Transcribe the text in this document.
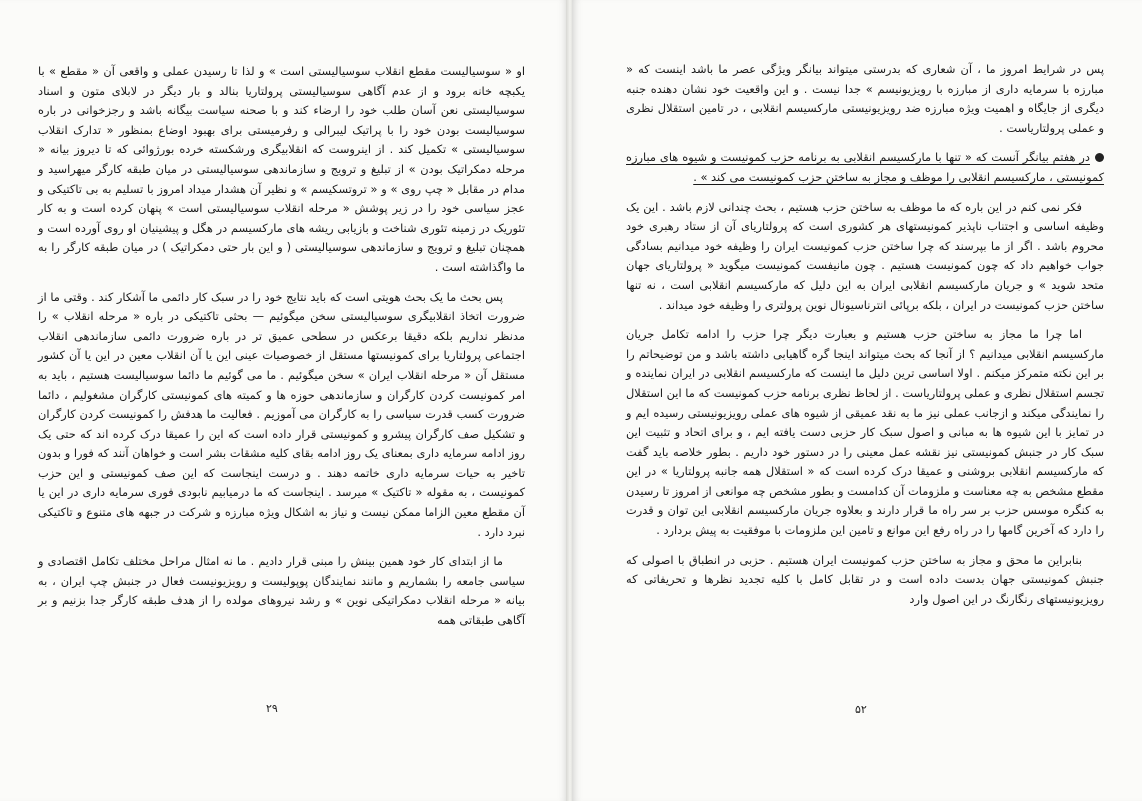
او « سوسیالیست مقطع انقلاب سوسیالیستی است » و لذا تا رسیدن عملی و واقعی آن « مقطع » با یکبچه خانه برود و از عدم آگاهی سوسیالیستی پرولتاریا بنالد و بار دیگر در لابلای متون و اسناد سوسیالیستی نعن آسان طلب خود را ارضاء کند و با صحنه سیاست بیگانه باشد و رجزخوانی در باره سوسیالیست بودن خود را با پراتیک لیبرالی و رفرمیستی برای بهبود اوضاع بمنظور « تدارک انقلاب سوسیالیستی » تکمیل کند . از اینروست که انقلابیگری ورشکسته خرده بورژوائی که تا دیروز بیانه « مرحله دمکراتیک بودن » از تبلیغ و ترویج و سازماندهی سوسیالیستی در میان طبقه کارگر میهراسید و مدام در مقابل « چپ روی » و « تروتسکیسم » و نظیر آن هشدار میداد امروز با تسلیم به بی تاکتیکی و عجز سیاسی خود را در زیر پوشش « مرحله انقلاب سوسیالیستی است » پنهان کرده است و به کار تئوریک در زمینه تئوری شناخت و بازیابی ریشه های مارکسیسم در هگل و پیشینیان او روی آورده است و همچنان تبلیغ و ترویج و سازماندهی سوسیالیستی ( و این بار حتی دمکراتیک ) در میان طبقه کارگر را به ما واگذاشته است .

پس بحث ما یک بحث هویتی است که باید نتایج خود را در سبک کار دائمی ما آشکار کند . وقتی ما از ضرورت اتخاذ انقلابیگری سوسیالیستی سخن میگوئیم — بحثی تاکتیکی در باره « مرحله انقلاب » را مدنظر نداریم بلکه دقیقا برعکس در سطحی عمیق تر در باره ضرورت دائمی سازماندهی انقلاب اجتماعی پرولتاریا برای کمونیستها مستقل از خصوصیات عینی این یا آن انقلاب معین در این یا آن کشور مستقل آن « مرحله انقلاب ایران » سخن میگوئیم . ما می گوئیم ما دائما سوسیالیست هستیم ، باید به امر کمونیست کردن کارگران و سازماندهی حوزه ها و کمیته های کمونیستی کارگران مشغولیم ، دائما ضرورت کسب قدرت سیاسی را به کارگران می آموزیم . فعالیت ما هدفش را کمونیست کردن کارگران و تشکیل صف کارگران پیشرو و کمونیستی قرار داده است که این را عمیقا درک کرده اند که حتی یک روز ادامه سرمایه داری بمعنای یک روز ادامه بقای کلیه مشقات بشر است و خواهان آنند که فورا و بدون تاخیر به حیات سرمایه داری خاتمه دهند . و درست اینجاست که این صف کمونیستی و این حزب کمونیست ، به مقوله « تاکتیک » میرسد . اینجاست که ما درمیابیم نابودی فوری سرمایه داری در این یا آن مقطع معین الزاما ممکن نیست و نیاز به اشکال ویژه مبارزه و شرکت در جبهه های متنوع و تاکتیکی نبرد دارد .

ما از ابتدای کار خود همین بینش را مبنی قرار دادیم . ما نه امثال مراحل مختلف تکامل اقتصادی و سیاسی جامعه را بشماریم و مانند نمایندگان پوپولیست و رویزیونیست فعال در جنبش چپ ایران ، به بیانه « مرحله انقلاب دمکراتیکی نوین » و رشد نیروهای مولده را از هدف طبقه کارگر جدا بزنیم و بر آگاهی طبقاتی همه

۲۹

پس در شرایط امروز ما ، آن شعاری که بدرستی میتواند بیانگر ویژگی عصر ما باشد اینست که « مبارزه با سرمایه داری از مبارزه با رویزیونیسم » جدا نیست . و این واقعیت خود نشان دهنده جنبه دیگری از جایگاه و اهمیت ویژه مبارزه ضد رویزیونیستی مارکسیسم انقلابی ، در تامین استقلال نظری و عملی پرولتاریاست .

در هفتم بیانگر آنست که « تنها با مارکسیسم انقلابی به برنامه حزب کمونیست و شیوه های مبارزه کمونیستی ، مارکسیسم انقلابی را موظف و مجاز به ساختن حزب کمونیست می کند » .

فکر نمی کنم در این باره که ما موظف به ساختن حزب هستیم ، بحث چندانی لازم باشد . این یک وظیفه اساسی و اجتناب ناپذیر کمونیستهای هر کشوری است که پرولتاریای آن از ستاد رهبری خود محروم باشد . اگر از ما بپرسند که چرا ساختن حزب کمونیست ایران را وظیفه خود میدانیم بسادگی جواب خواهیم داد که چون کمونیست هستیم . چون مانیفست کمونیست میگوید « پرولتاریای جهان متحد شوید » و جریان مارکسیسم انقلابی ایران به این دلیل که مارکسیسم انقلابی است ، نه تنها ساختن حزب کمونیست در ایران ، بلکه برپائی انترناسیونال نوین پرولتری را وظیفه خود میداند .

اما چرا ما مجاز به ساختن حزب هستیم و بعبارت دیگر چرا حزب را ادامه تکامل جریان مارکسیسم انقلابی میدانیم ؟ از آنجا که بحث میتواند اینجا گره گاهیابی داشته باشد و من توضیحاتم را بر این نکته متمرکز میکنم . اولا اساسی ترین دلیل ما اینست که مارکسیسم انقلابی در ایران نماینده و تجسم استقلال نظری و عملی پرولتاریاست . از لحاظ نظری برنامه حزب کمونیست که ما این استقلال را نمایندگی میکند و ازجانب عملی نیز ما به نقد عمیقی از شیوه های عملی رویزیونیستی رسیده ایم و در تمایز با این شیوه ها به مبانی و اصول سبک کار حزبی دست یافته ایم ، و برای اتحاد و تثبیت این سبک کار در جنبش کمونیستی نیز نقشه عمل معینی را در دستور خود داریم . بطور خلاصه باید گفت که مارکسیسم انقلابی بروشنی و عمیقا درک کرده است که « استقلال همه جانبه پرولتاریا » در این مقطع مشخص به چه معناست و ملزومات آن کدامست و بطور مشخص چه موانعی از امروز تا رسیدن به کنگره موسس حزب بر سر راه ما قرار دارند و بعلاوه جریان مارکسیسم انقلابی این توان و قدرت را دارد که آخرین گامها را در راه رفع این موانع و تامین این ملزومات با موفقیت به پیش بردارد .

بنابراین ما محق و مجاز به ساختن حزب کمونیست ایران هستیم . حزبی در انطباق با اصولی که جنبش کمونیستی جهان بدست داده است و در تقابل کامل با کلیه تجدید نظرها و تحریفاتی که رویزیونیستهای رنگارنگ در این اصول وارد

۵۲
